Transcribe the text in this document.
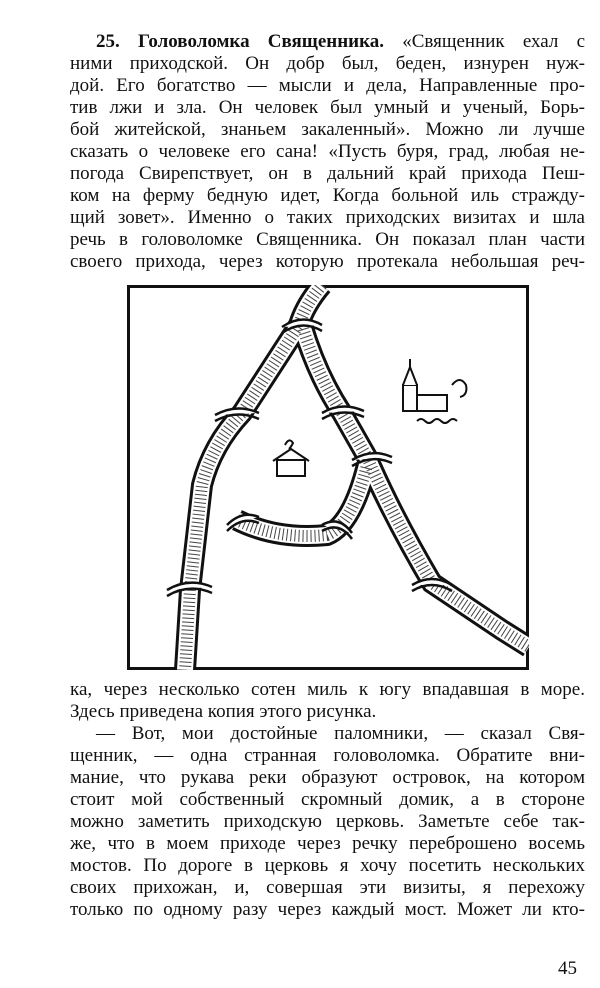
25. Головоломка Священника. «Священник ехал с
ними приходской. Он добр был, беден, изнурен нуж-
дой. Его богатство — мысли и дела, Направленные про-
тив лжи и зла. Он человек был умный и ученый, Борь-
бой житейской, знаньем закаленный». Можно ли лучше
сказать о человеке его сана! «Пусть буря, град, любая не-
погода Свирепствует, он в дальний край прихода Пеш-
ком на ферму бедную идет, Когда больной иль стражду-
щий зовет». Именно о таких приходских визитах и шла
речь в головоломке Священника. Он показал план части
своего прихода, через которую протекала небольшая реч-
ка, через несколько сотен миль к югу впадавшая в море.
Здесь приведена копия этого рисунка.
— Вот, мои достойные паломники, — сказал Свя-
щенник, — одна странная головоломка. Обратите вни-
мание, что рукава реки образуют островок, на котором
стоит мой собственный скромный домик, а в стороне
можно заметить приходскую церковь. Заметьте себе так-
же, что в моем приходе через речку переброшено восемь
мостов. По дороге в церковь я хочу посетить нескольких
своих прихожан, и, совершая эти визиты, я перехожу
только по одному разу через каждый мост. Может ли кто-
45
